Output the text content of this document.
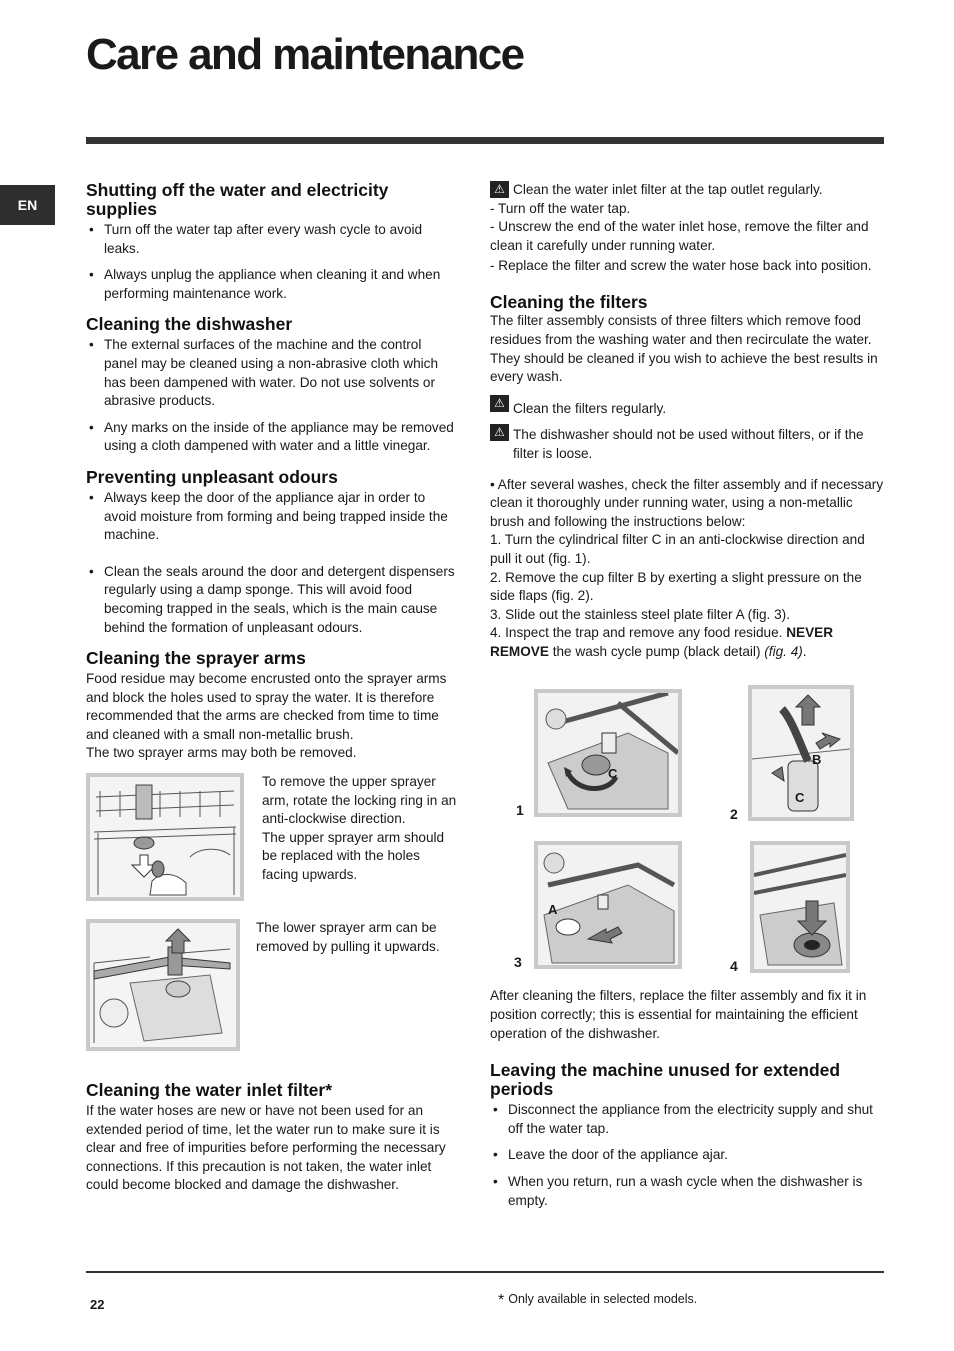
Care and maintenance
EN
Shutting off the water and electricity supplies
• Turn off the water tap after every wash cycle to avoid leaks.
• Always unplug the appliance when cleaning it and when performing maintenance work.
Cleaning the dishwasher
• The external surfaces of the machine and the control panel may be cleaned using a non-abrasive cloth which has been dampened with water. Do not use solvents or abrasive products.
• Any marks on the inside of the appliance may be removed using a cloth dampened with water and a little vinegar.
Preventing unpleasant odours
• Always keep the door of the appliance ajar in order to avoid moisture from forming and being trapped inside the machine.
• Clean the seals around the door and detergent dispensers regularly using a damp sponge. This will avoid food becoming trapped in the seals, which is the main cause behind the formation of unpleasant odours.
Cleaning the sprayer arms

Food residue may become encrusted onto the sprayer arms and block the holes used to spray the water. It is therefore recommended that the arms are checked from time to time and cleaned with a small non-metallic brush.

The two sprayer arms may both be removed.

To remove the upper sprayer arm, rotate the locking ring in an anti-clockwise direction.

The upper sprayer arm should be replaced with the holes facing upwards.

The lower sprayer arm can be removed by pulling it upwards.

Cleaning the water inlet filter*

If the water hoses are new or have not been used for an extended period of time, let the water run to make sure it is clear and free of impurities before performing the necessary connections. If this precaution is not taken, the water inlet could become blocked and damage the dishwasher.

⚠ Clean the water inlet filter at the tap outlet regularly.

- Turn off the water tap.

- Unscrew the end of the water inlet hose, remove the filter and clean it carefully under running water.

- Replace the filter and screw the water hose back into position.

Cleaning the filters

The filter assembly consists of three filters which remove food residues from the washing water and then recirculate the water. They should be cleaned if you wish to achieve the best results in every wash.

⚠ Clean the filters regularly.
⚠ The dishwasher should not be used without filters, or if the filter is loose.

• After several washes, check the filter assembly and if necessary clean it thoroughly under running water, using a non-metallic brush and following the instructions below:

1. Turn the cylindrical filter C in an anti-clockwise direction and pull it out (fig. 1).

2. Remove the cup filter B by exerting a slight pressure on the side flaps (fig. 2).

3. Slide out the stainless steel plate filter A (fig. 3).

4. Inspect the trap and remove any food residue. NEVER REMOVE the wash cycle pump (black detail) (fig. 4).

C
1
B
C
2
A
3	4

After cleaning the filters, replace the filter assembly and fix it in position correctly; this is essential for maintaining the efficient operation of the dishwasher.

Leaving the machine unused for extended periods
• Disconnect the appliance from the electricity supply and shut off the water tap.
• Leave the door of the appliance ajar.
• When you return, run a wash cycle when the dishwasher is empty.
22	* Only available in selected models.
